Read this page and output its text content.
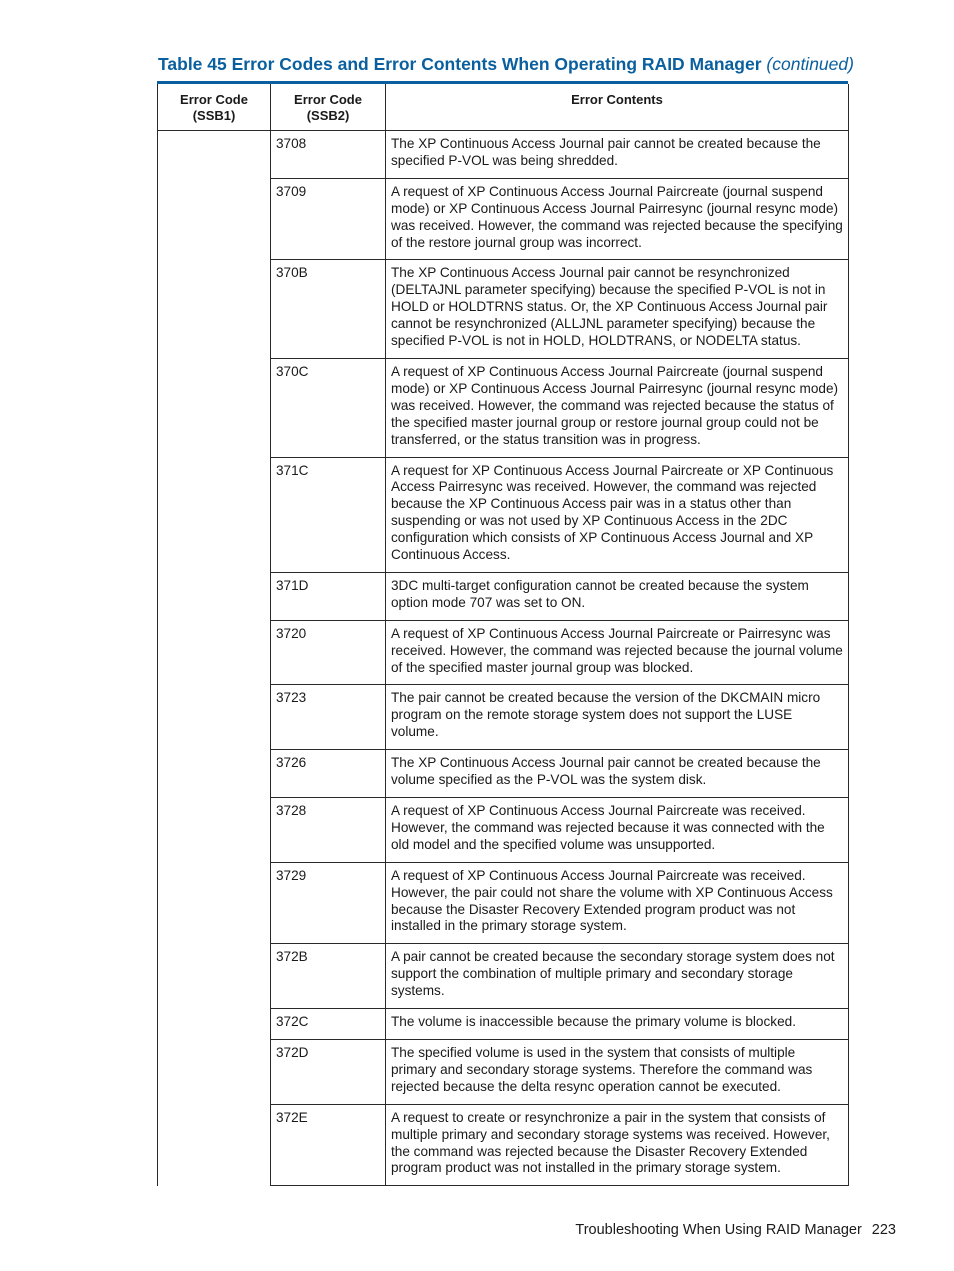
Table 45 Error Codes and Error Contents When Operating RAID Manager (continued)
Error Code (SSB1)	Error Code (SSB2)	Error Contents
	3708	The XP Continuous Access Journal pair cannot be created because the specified P-VOL was being shredded.
	3709	A request of XP Continuous Access Journal Paircreate (journal suspend mode) or XP Continuous Access Journal Pairresync (journal resync mode) was received. However, the command was rejected because the specifying of the restore journal group was incorrect.
	370B	The XP Continuous Access Journal pair cannot be resynchronized (DELTAJNL parameter specifying) because the specified P-VOL is not in HOLD or HOLDTRNS status. Or, the XP Continuous Access Journal pair cannot be resynchronized (ALLJNL parameter specifying) because the specified P-VOL is not in HOLD, HOLDTRANS, or NODELTA status.
	370C	A request of XP Continuous Access Journal Paircreate (journal suspend mode) or XP Continuous Access Journal Pairresync (journal resync mode) was received. However, the command was rejected because the status of the specified master journal group or restore journal group could not be transferred, or the status transition was in progress.
	371C	A request for XP Continuous Access Journal Paircreate or XP Continuous Access Pairresync was received. However, the command was rejected because the XP Continuous Access pair was in a status other than suspending or was not used by XP Continuous Access in the 2DC configuration which consists of XP Continuous Access Journal and XP Continuous Access.
	371D	3DC multi-target configuration cannot be created because the system option mode 707 was set to ON.
	3720	A request of XP Continuous Access Journal Paircreate or Pairresync was received. However, the command was rejected because the journal volume of the specified master journal group was blocked.
	3723	The pair cannot be created because the version of the DKCMAIN micro program on the remote storage system does not support the LUSE volume.
	3726	The XP Continuous Access Journal pair cannot be created because the volume specified as the P-VOL was the system disk.
	3728	A request of XP Continuous Access Journal Paircreate was received. However, the command was rejected because it was connected with the old model and the specified volume was unsupported.
	3729	A request of XP Continuous Access Journal Paircreate was received. However, the pair could not share the volume with XP Continuous Access because the Disaster Recovery Extended program product was not installed in the primary storage system.
	372B	A pair cannot be created because the secondary storage system does not support the combination of multiple primary and secondary storage systems.
	372C	The volume is inaccessible because the primary volume is blocked.
	372D	The specified volume is used in the system that consists of multiple primary and secondary storage systems. Therefore the command was rejected because the delta resync operation cannot be executed.
	372E	A request to create or resynchronize a pair in the system that consists of multiple primary and secondary storage systems was received. However, the command was rejected because the Disaster Recovery Extended program product was not installed in the primary storage system.
Troubleshooting When Using RAID Manager 223
